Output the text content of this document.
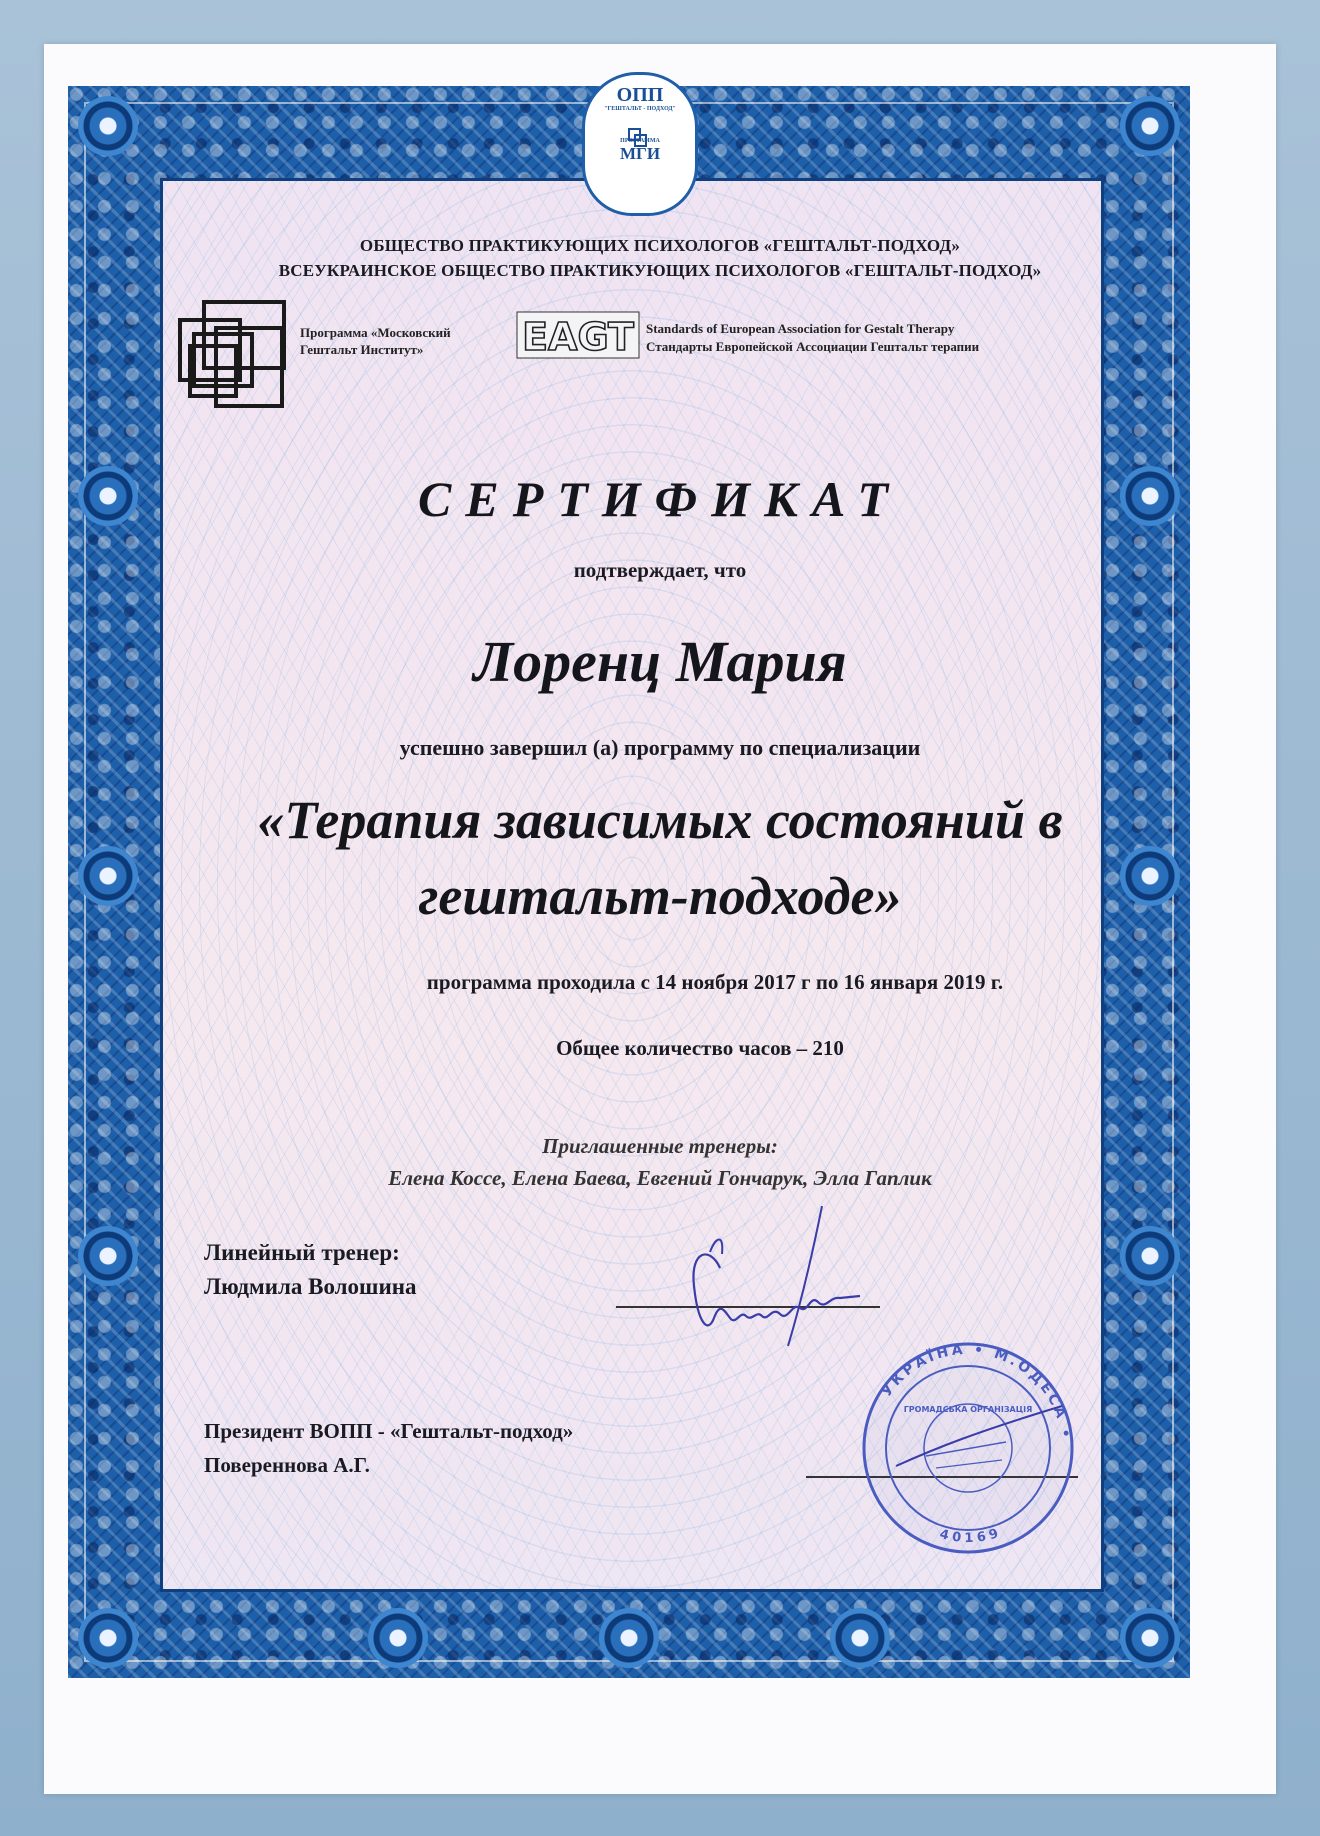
ОПП
"ГЕШТАЛЬТ - ПОДХОД"
ПРОГРАММА
МГИ
ОБЩЕСТВО ПРАКТИКУЮЩИХ ПСИХОЛОГОВ «ГЕШТАЛЬТ-ПОДХОД»
ВСЕУКРАИНСКОЕ ОБЩЕСТВО ПРАКТИКУЮЩИХ ПСИХОЛОГОВ «ГЕШТАЛЬТ-ПОДХОД»
Программа «Московский
Гештальт Институт»	EAGT Standards of European Association for Gestalt Therapy
Стандарты Европейской Ассоциации Гештальт терапии
СЕРТИФИКАТ
подтверждает, что
Лоренц Мария
успешно завершил (а) программу по специализации
«Терапия зависимых состояний в
гештальт-подходе»
программа проходила с 14 ноября 2017 г по 16 января 2019 г.
Общее количество часов – 210
Приглашенные тренеры:
Елена Коссе, Елена Баева, Евгений Гончарук, Элла Гаплик
Линейный тренер:
Людмила Волошина
Президент ВОПП - «Гештальт-подход»
Повереннова А.Г.
УКРАЇНА • М.ОДЕСА •
40169
ГРОМАДСЬКА ОРГАНІЗАЦІЯ
